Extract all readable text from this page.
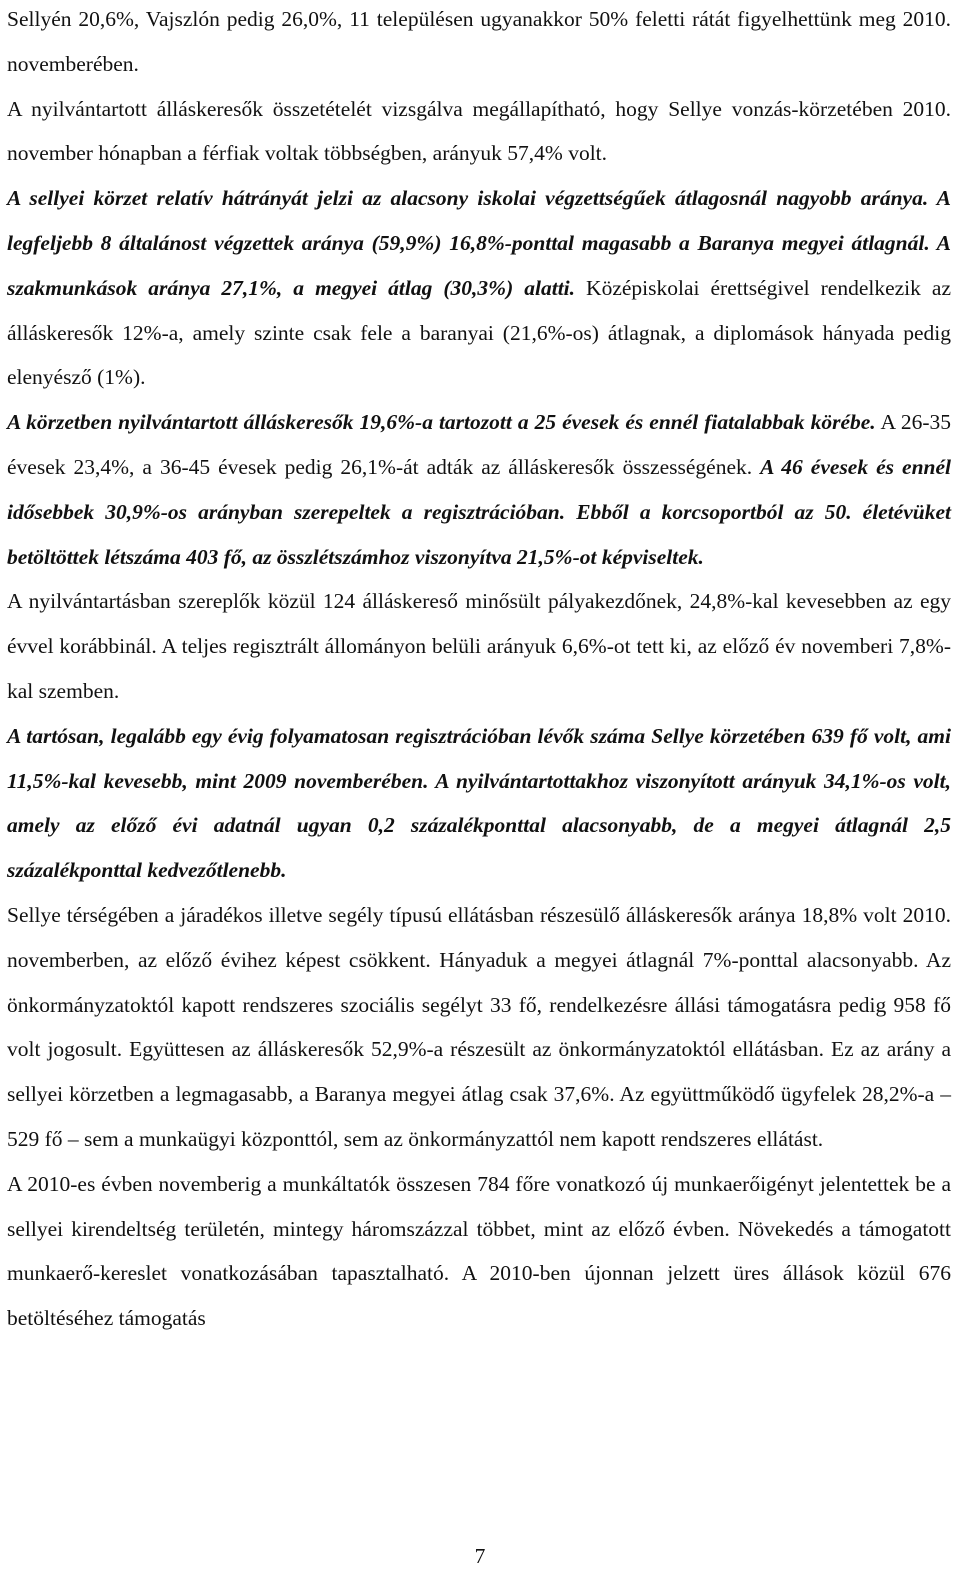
Sellyén 20,6%, Vajszlón pedig 26,0%, 11 településen ugyanakkor 50% feletti rátát figyelhettünk meg 2010. novemberében.

A nyilvántartott álláskeresők összetételét vizsgálva megállapítható, hogy Sellye vonzás-körzetében 2010. november hónapban a férfiak voltak többségben, arányuk 57,4% volt.

A sellyei körzet relatív hátrányát jelzi az alacsony iskolai végzettségűek átlagosnál nagyobb aránya. A legfeljebb 8 általánost végzettek aránya (59,9%) 16,8%-ponttal magasabb a Baranya megyei átlagnál. A szakmunkások aránya 27,1%, a megyei átlag (30,3%) alatti. Középiskolai érettségivel rendelkezik az álláskeresők 12%-a, amely szinte csak fele a baranyai (21,6%-os) átlagnak, a diplomások hányada pedig elenyésző (1%).

A körzetben nyilvántartott álláskeresők 19,6%-a tartozott a 25 évesek és ennél fiatalabbak körébe. A 26-35 évesek 23,4%, a 36-45 évesek pedig 26,1%-át adták az álláskeresők összességének. A 46 évesek és ennél idősebbek 30,9%-os arányban szerepeltek a regisztrációban. Ebből a korcsoportból az 50. életévüket betöltöttek létszáma 403 fő, az összlétszámhoz viszonyítva 21,5%-ot képviseltek.

A nyilvántartásban szereplők közül 124 álláskereső minősült pályakezdőnek, 24,8%-kal kevesebben az egy évvel korábbinál. A teljes regisztrált állományon belüli arányuk 6,6%-ot tett ki, az előző év novemberi 7,8%-kal szemben.

A tartósan, legalább egy évig folyamatosan regisztrációban lévők száma Sellye körzetében 639 fő volt, ami 11,5%-kal kevesebb, mint 2009 novemberében. A nyilvántartottakhoz viszonyított arányuk 34,1%-os volt, amely az előző évi adatnál ugyan 0,2 százalékponttal alacsonyabb, de a megyei átlagnál 2,5 százalékponttal kedvezőtlenebb.

Sellye térségében a járadékos illetve segély típusú ellátásban részesülő álláskeresők aránya 18,8% volt 2010. novemberben, az előző évihez képest csökkent. Hányaduk a megyei átlagnál 7%-ponttal alacsonyabb. Az önkormányzatoktól kapott rendszeres szociális segélyt 33 fő, rendelkezésre állási támogatásra pedig 958 fő volt jogosult. Együttesen az álláskeresők 52,9%-a részesült az önkormányzatoktól ellátásban. Ez az arány a sellyei körzetben a legmagasabb, a Baranya megyei átlag csak 37,6%. Az együttműködő ügyfelek 28,2%-a – 529 fő – sem a munkaügyi központtól, sem az önkormányzattól nem kapott rendszeres ellátást.

A 2010-es évben novemberig a munkáltatók összesen 784 főre vonatkozó új munkaerőigényt jelentettek be a sellyei kirendeltség területén, mintegy háromszázzal többet, mint az előző évben. Növekedés a támogatott munkaerő-kereslet vonatkozásában tapasztalható. A 2010-ben újonnan jelzett üres állások közül 676 betöltéséhez támogatás

7
